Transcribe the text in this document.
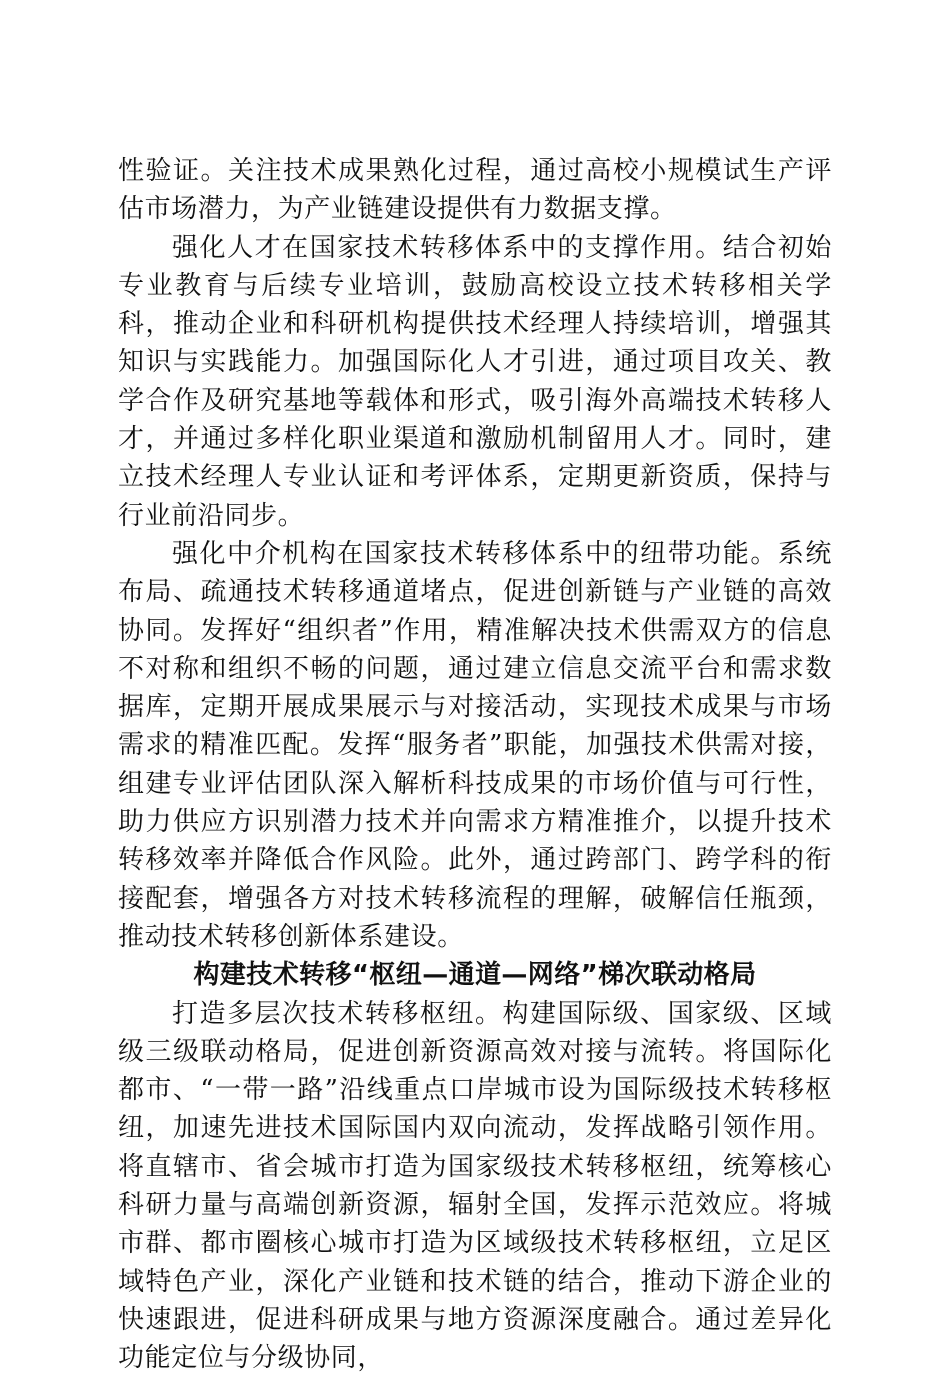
性验证。关注技术成果熟化过程，通过高校小规模试生产评估市场潜力，为产业链建设提供有力数据支撑。

强化人才在国家技术转移体系中的支撑作用。结合初始专业教育与后续专业培训，鼓励高校设立技术转移相关学科，推动企业和科研机构提供技术经理人持续培训，增强其知识与实践能力。加强国际化人才引进，通过项目攻关、教学合作及研究基地等载体和形式，吸引海外高端技术转移人才，并通过多样化职业渠道和激励机制留用人才。同时，建立技术经理人专业认证和考评体系，定期更新资质，保持与行业前沿同步。

强化中介机构在国家技术转移体系中的纽带功能。系统布局、疏通技术转移通道堵点，促进创新链与产业链的高效协同。发挥好“组织者”作用，精准解决技术供需双方的信息不对称和组织不畅的问题，通过建立信息交流平台和需求数据库，定期开展成果展示与对接活动，实现技术成果与市场需求的精准匹配。发挥“服务者”职能，加强技术供需对接，组建专业评估团队深入解析科技成果的市场价值与可行性，助力供应方识别潜力技术并向需求方精准推介，以提升技术转移效率并降低合作风险。此外，通过跨部门、跨学科的衔接配套，增强各方对技术转移流程的理解，破解信任瓶颈，推动技术转移创新体系建设。

构建技术转移“枢纽—通道—网络”梯次联动格局

打造多层次技术转移枢纽。构建国际级、国家级、区域级三级联动格局，促进创新资源高效对接与流转。将国际化都市、“一带一路”沿线重点口岸城市设为国际级技术转移枢纽，加速先进技术国际国内双向流动，发挥战略引领作用。将直辖市、省会城市打造为国家级技术转移枢纽，统筹核心科研力量与高端创新资源，辐射全国，发挥示范效应。将城市群、都市圈核心城市打造为区域级技术转移枢纽，立足区域特色产业，深化产业链和技术链的结合，推动下游企业的快速跟进，促进科研成果与地方资源深度融合。通过差异化功能定位与分级协同，
